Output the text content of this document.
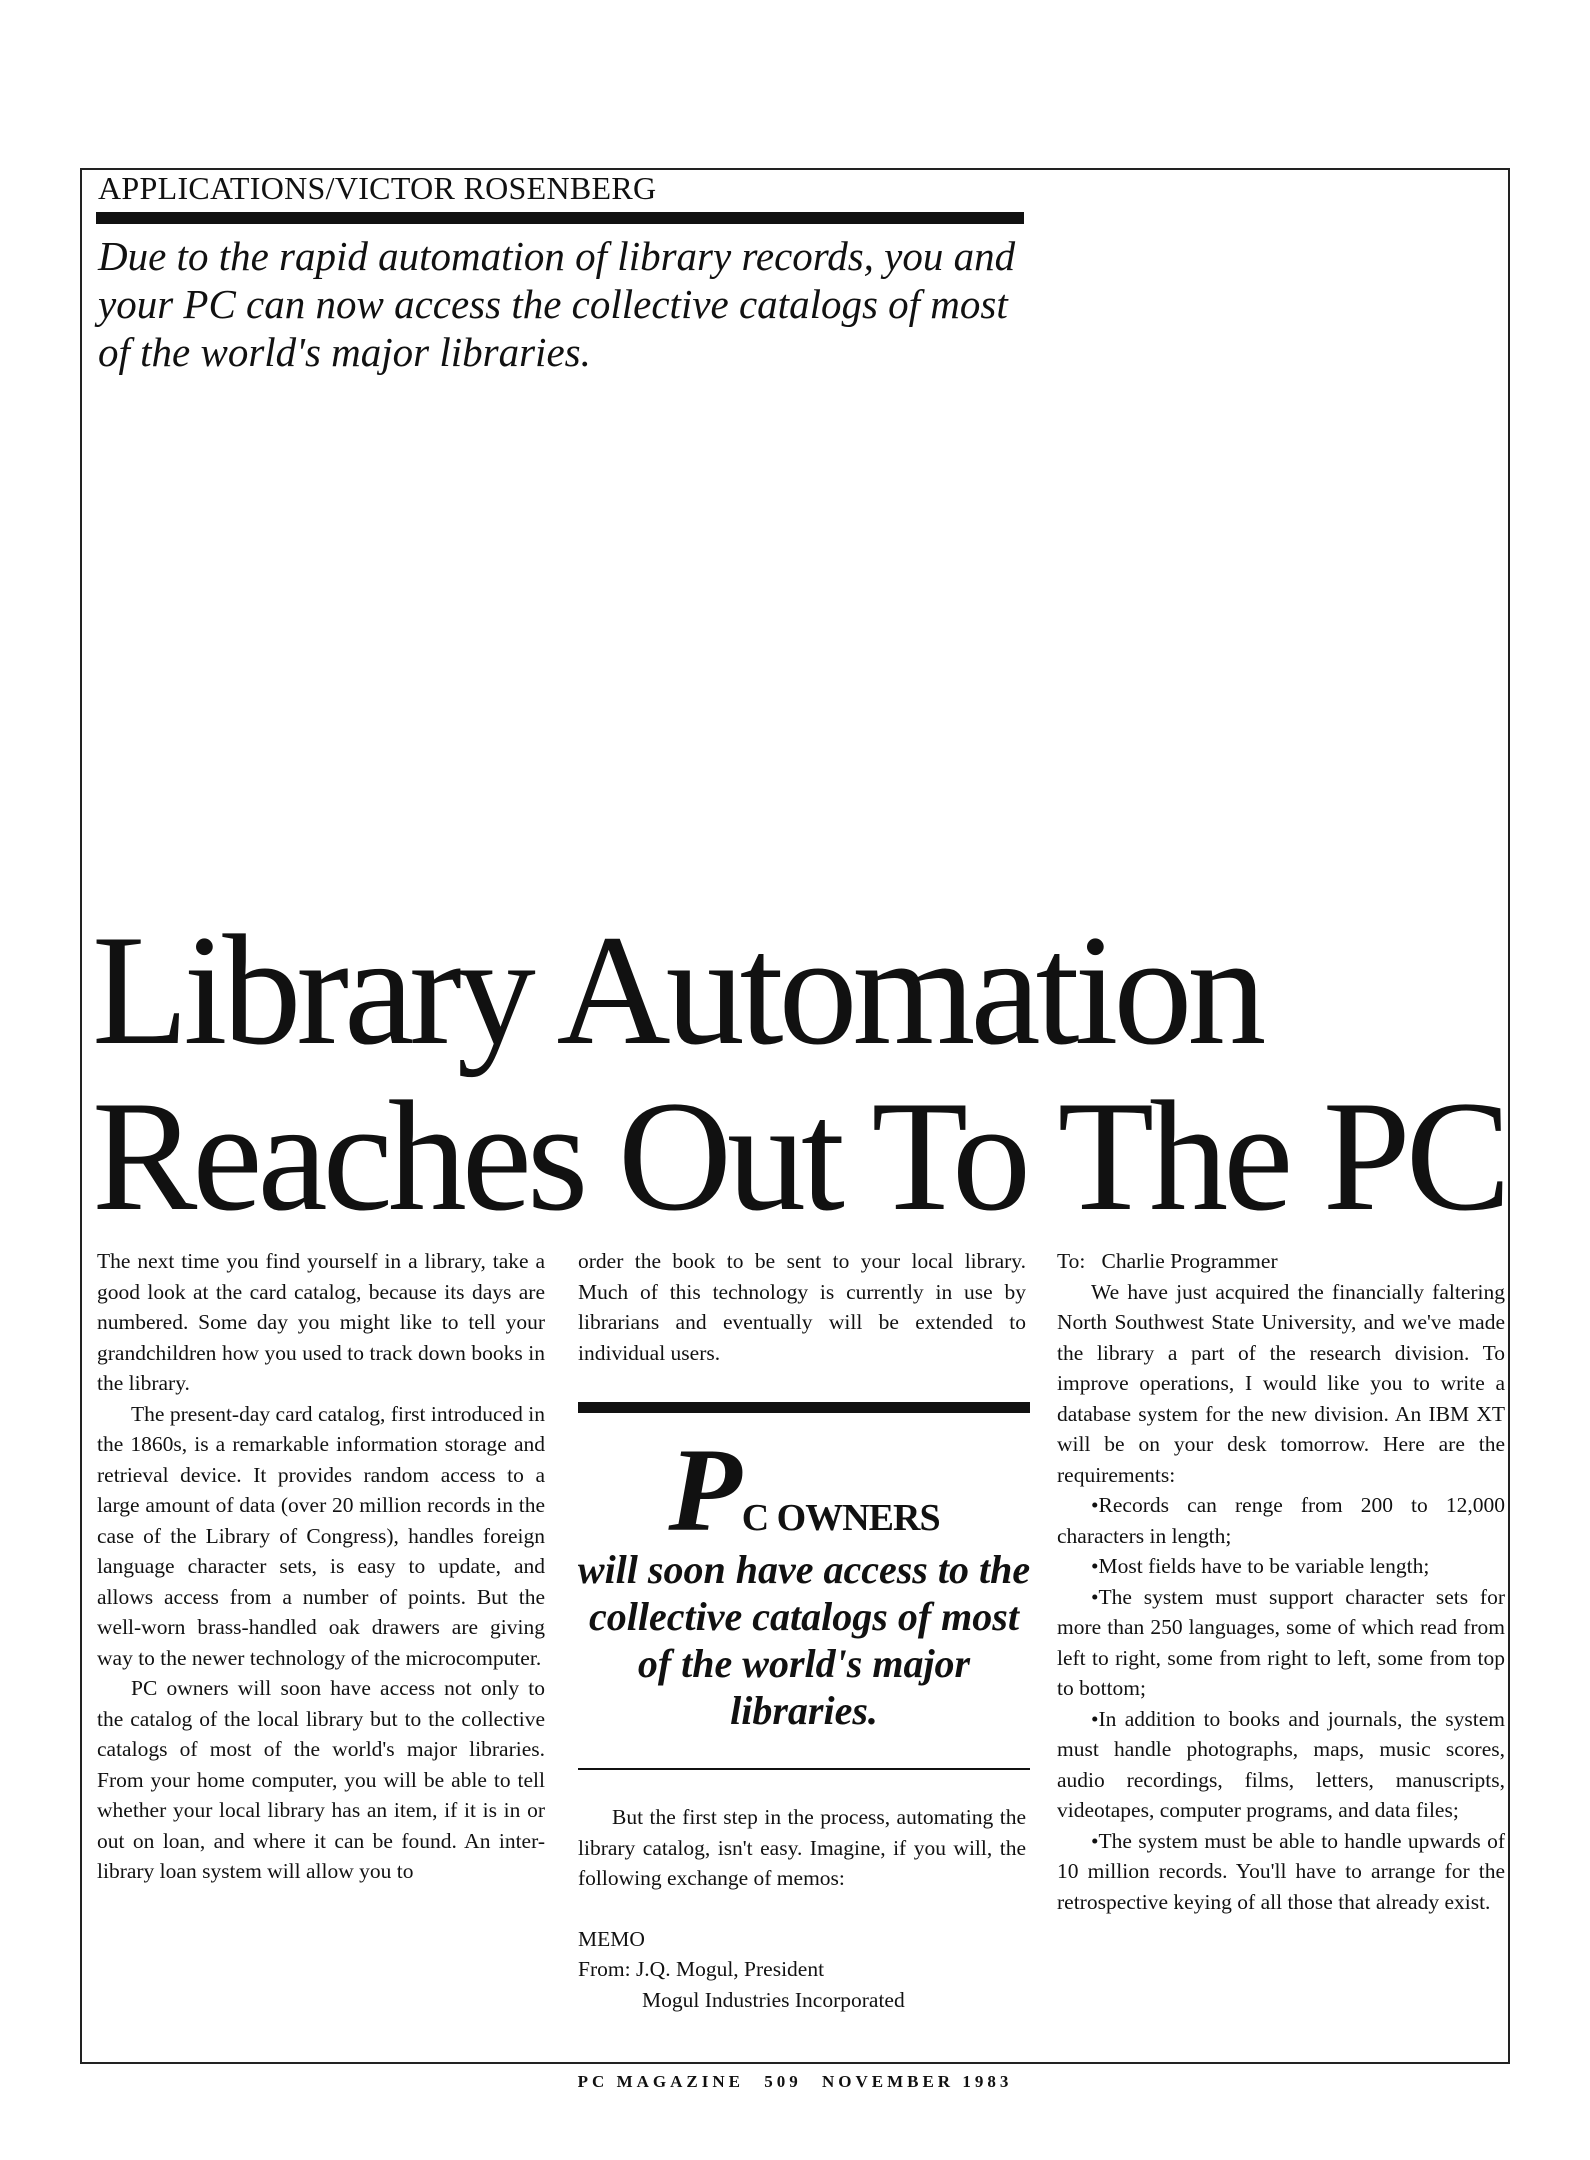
APPLICATIONS/VICTOR ROSENBERG
Due to the rapid automation of library records, you and your PC can now access the collective catalogs of most of the world's major libraries.
Library Automation
Reaches Out To The PC

The next time you find yourself in a library, take a good look at the card catalog, because its days are numbered. Some day you might like to tell your grandchildren how you used to track down books in the library.

The present-day card catalog, first introduced in the 1860s, is a remarkable information storage and retrieval device. It provides random access to a large amount of data (over 20 million records in the case of the Library of Congress), handles foreign language character sets, is easy to update, and allows access from a number of points. But the well-worn brass-handled oak drawers are giving way to the newer technology of the microcomputer.

PC owners will soon have access not only to the catalog of the local library but to the collective catalogs of most of the world's major libraries. From your home computer, you will be able to tell whether your local library has an item, if it is in or out on loan, and where it can be found. An inter-library loan system will allow you to

order the book to be sent to your local library. Much of this technology is currently in use by librarians and eventually will be extended to individual users.

PC OWNERS
will soon have access to the collective catalogs of most of the world's major libraries.

But the first step in the process, automating the library catalog, isn't easy. Imagine, if you will, the following exchange of memos:

MEMO
From: J.Q. Mogul, President
Mogul Industries Incorporated
To:   Charlie Programmer

We have just acquired the financially faltering North Southwest State University, and we've made the library a part of the research division. To improve operations, I would like you to write a database system for the new division. An IBM XT will be on your desk tomorrow. Here are the requirements:

•Records can renge from 200 to 12,000 characters in length;

•Most fields have to be variable length;

•The system must support character sets for more than 250 languages, some of which read from left to right, some from right to left, some from top to bottom;

•In addition to books and journals, the system must handle photographs, maps, music scores, audio recordings, films, letters, manuscripts, videotapes, computer programs, and data files;

•The system must be able to handle upwards of 10 million records. You'll have to arrange for the retrospective keying of all those that already exist.

PC MAGAZINE 509 NOVEMBER 1983
